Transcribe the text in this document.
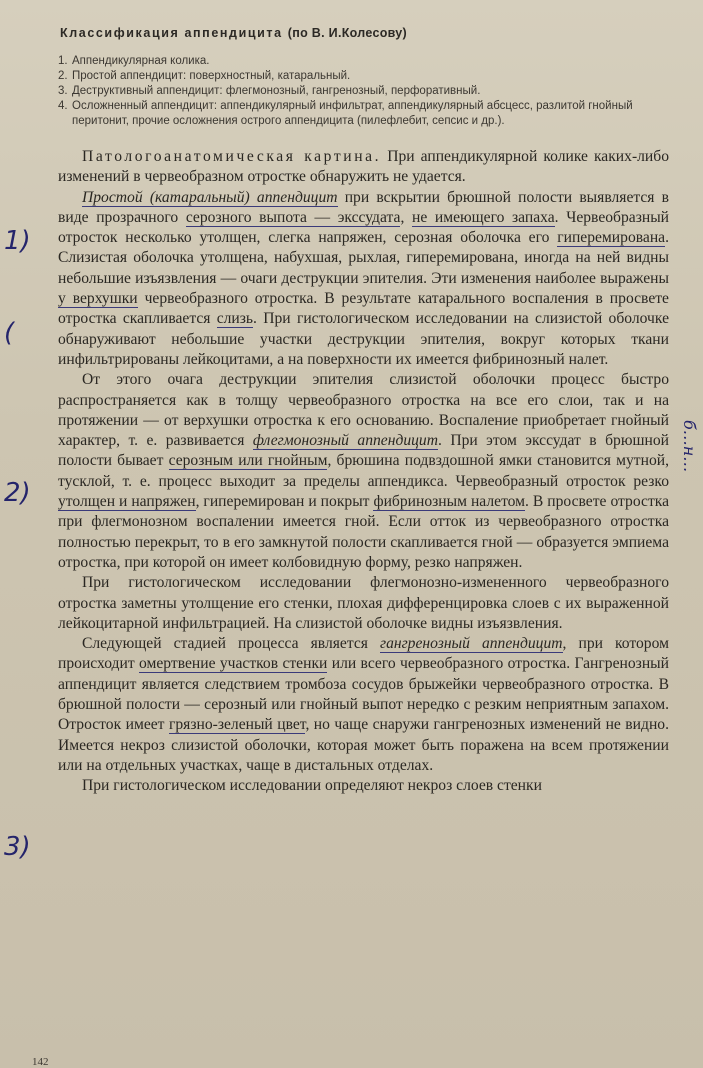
Классификация аппендицита (по В. И.Колесову)
1. Аппендикулярная колика.
2. Простой аппендицит: поверхностный, катаральный.
3. Деструктивный аппендицит: флегмонозный, гангренозный, перфоративный.
4. Осложненный аппендицит: аппендикулярный инфильтрат, аппендикулярный абсцесс, разлитой гнойный перитонит, прочие осложнения острого аппендицита (пилефлебит, сепсис и др.).

Патологоанатомическая картина. При аппендикулярной колике каких-либо изменений в червеобразном отростке обнаружить не удается.

Простой (катаральный) аппендицит при вскрытии брюшной полости выявляется в виде прозрачного серозного выпота — экссудата, не имеющего запаха. Червеобразный отросток несколько утолщен, слегка напряжен, серозная оболочка его гиперемирована. Слизистая оболочка утолщена, набухшая, рыхлая, гиперемирована, иногда на ней видны небольшие изъязвления — очаги деструкции эпителия. Эти изменения наиболее выражены у верхушки червеобразного отростка. В результате катарального воспаления в просвете отростка скапливается слизь. При гистологическом исследовании на слизистой оболочке обнаруживают небольшие участки деструкции эпителия, вокруг которых ткани инфильтрированы лейкоцитами, а на поверхности их имеется фибринозный налет.

От этого очага деструкции эпителия слизистой оболочки процесс быстро распространяется как в толщу червеобразного отростка на все его слои, так и на протяжении — от верхушки отростка к его основанию. Воспаление приобретает гнойный характер, т. е. развивается флегмонозный аппендицит. При этом экссудат в брюшной полости бывает серозным или гнойным, брюшина подвздошной ямки становится мутной, тусклой, т. е. процесс выходит за пределы аппендикса. Червеобразный отросток резко утолщен и напряжен, гиперемирован и покрыт фибринозным налетом. В просвете отростка при флегмонозном воспалении имеется гной. Если отток из червеобразного отростка полностью перекрыт, то в его замкнутой полости скапливается гной — образуется эмпиема отростка, при которой он имеет колбовидную форму, резко напряжен.

При гистологическом исследовании флегмонозно-измененного червеобразного отростка заметны утолщение его стенки, плохая дифференцировка слоев с их выраженной лейкоцитарной инфильтрацией. На слизистой оболочке видны изъязвления.

Следующей стадией процесса является гангренозный аппендицит, при котором происходит омертвение участков стенки или всего червеобразного отростка. Гангренозный аппендицит является следствием тромбоза сосудов брыжейки червеобразного отростка. В брюшной полости — серозный или гнойный выпот нередко с резким неприятным запахом. Отросток имеет грязно-зеленый цвет, но чаще снаружи гангренозных изменений не видно. Имеется некроз слизистой оболочки, которая может быть поражена на всем протяжении или на отдельных участках, чаще в дистальных отделах.

При гистологическом исследовании определяют некроз слоев стенки

1)
(
2)
3)
б…н…
142
